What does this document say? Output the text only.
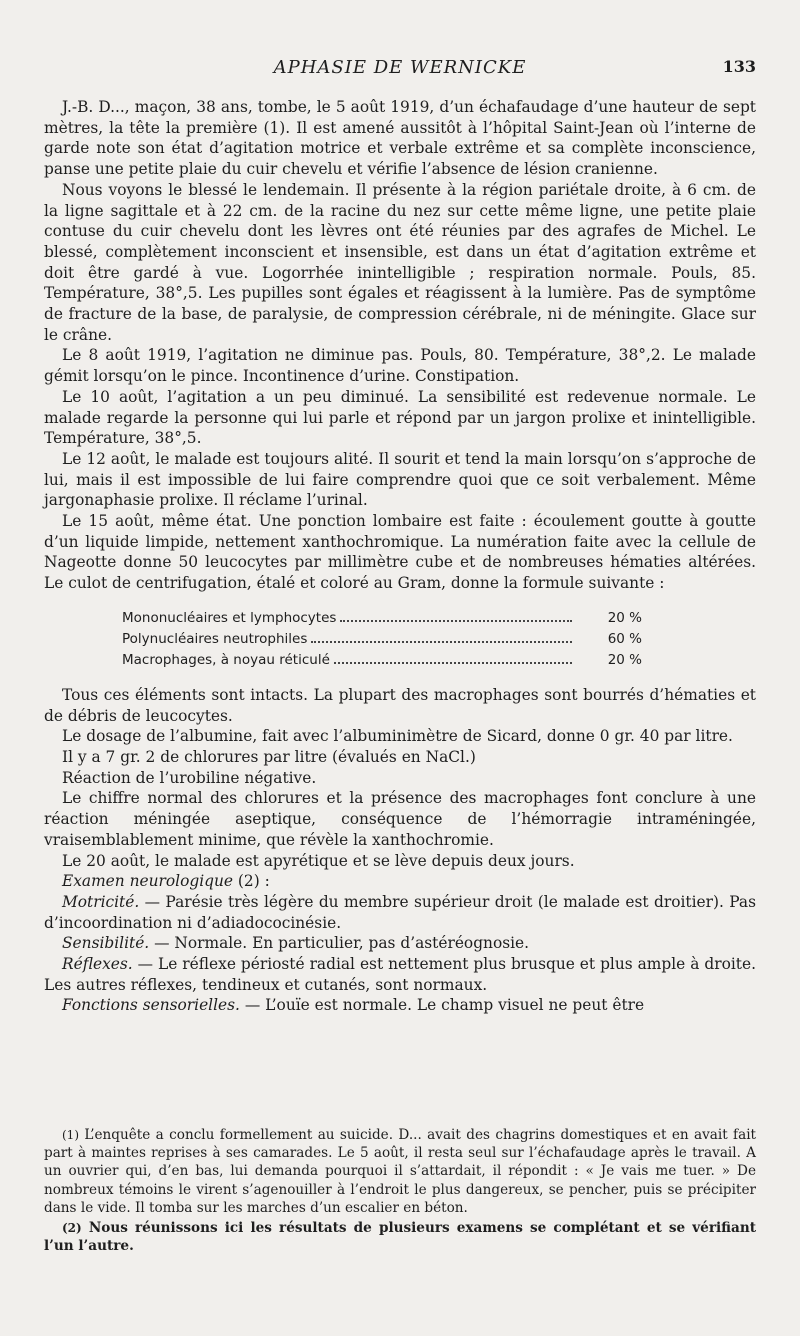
APHASIE DE WERNICKE	133

J.-B. D..., maçon, 38 ans, tombe, le 5 août 1919, d’un échafaudage d’une hauteur de sept mètres, la tête la première (1). Il est amené aussitôt à l’hôpital Saint-Jean où l’interne de garde note son état d’agitation motrice et verbale extrême et sa complète inconscience, panse une petite plaie du cuir chevelu et vérifie l’absence de lésion cranienne.

Nous voyons le blessé le lendemain. Il présente à la région pariétale droite, à 6 cm. de la ligne sagittale et à 22 cm. de la racine du nez sur cette même ligne, une petite plaie contuse du cuir chevelu dont les lèvres ont été réunies par des agrafes de Michel. Le blessé, complètement inconscient et insensible, est dans un état d’agitation extrême et doit être gardé à vue. Logorrhée inintelligible ; respiration normale. Pouls, 85. Température, 38°,5. Les pupilles sont égales et réagissent à la lumière. Pas de symptôme de fracture de la base, de paralysie, de compression cérébrale, ni de méningite. Glace sur le crâne.

Le 8 août 1919, l’agitation ne diminue pas. Pouls, 80. Température, 38°,2. Le malade gémit lorsqu’on le pince. Incontinence d’urine. Constipation.

Le 10 août, l’agitation a un peu diminué. La sensibilité est redevenue normale. Le malade regarde la personne qui lui parle et répond par un jargon prolixe et inintelligible. Température, 38°,5.

Le 12 août, le malade est toujours alité. Il sourit et tend la main lorsqu’on s’approche de lui, mais il est impossible de lui faire comprendre quoi que ce soit verbalement. Même jargonaphasie prolixe. Il réclame l’urinal.

Le 15 août, même état. Une ponction lombaire est faite : écoulement goutte à goutte d’un liquide limpide, nettement xanthochromique. La numération faite avec la cellule de Nageotte donne 50 leucocytes par millimètre cube et de nombreuses hématies altérées. Le culot de centrifugation, étalé et coloré au Gram, donne la formule suivante :

Mononucléaires et lymphocytes	20 %
Polynucléaires neutrophiles	60 %
Macrophages, à noyau réticulé	20 %

Tous ces éléments sont intacts. La plupart des macrophages sont bourrés d’hématies et de débris de leucocytes.

Le dosage de l’albumine, fait avec l’albuminimètre de Sicard, donne 0 gr. 40 par litre.

Il y a 7 gr. 2 de chlorures par litre (évalués en NaCl.)

Réaction de l’urobiline négative.

Le chiffre normal des chlorures et la présence des macrophages font conclure à une réaction méningée aseptique, conséquence de l’hémorragie intraméningée, vraisemblablement minime, que révèle la xanthochromie.

Le 20 août, le malade est apyrétique et se lève depuis deux jours.

Examen neurologique (2) :

Motricité. — Parésie très légère du membre supérieur droit (le malade est droitier). Pas d’incoordination ni d’adiadococinésie.

Sensibilité. — Normale. En particulier, pas d’astéréognosie.

Réflexes. — Le réflexe périosté radial est nettement plus brusque et plus ample à droite. Les autres réflexes, tendineux et cutanés, sont normaux.

Fonctions sensorielles. — L’ouïe est normale. Le champ visuel ne peut être

(1) L’enquête a conclu formellement au suicide. D... avait des chagrins domestiques et en avait fait part à maintes reprises à ses camarades. Le 5 août, il resta seul sur l’échafaudage après le travail. A un ouvrier qui, d’en bas, lui demanda pourquoi il s’attardait, il répondit : « Je vais me tuer. » De nombreux témoins le virent s’agenouiller à l’endroit le plus dangereux, se pencher, puis se précipiter dans le vide. Il tomba sur les marches d’un escalier en béton.

(2) Nous réunissons ici les résultats de plusieurs examens se complétant et se vérifiant l’un l’autre.
